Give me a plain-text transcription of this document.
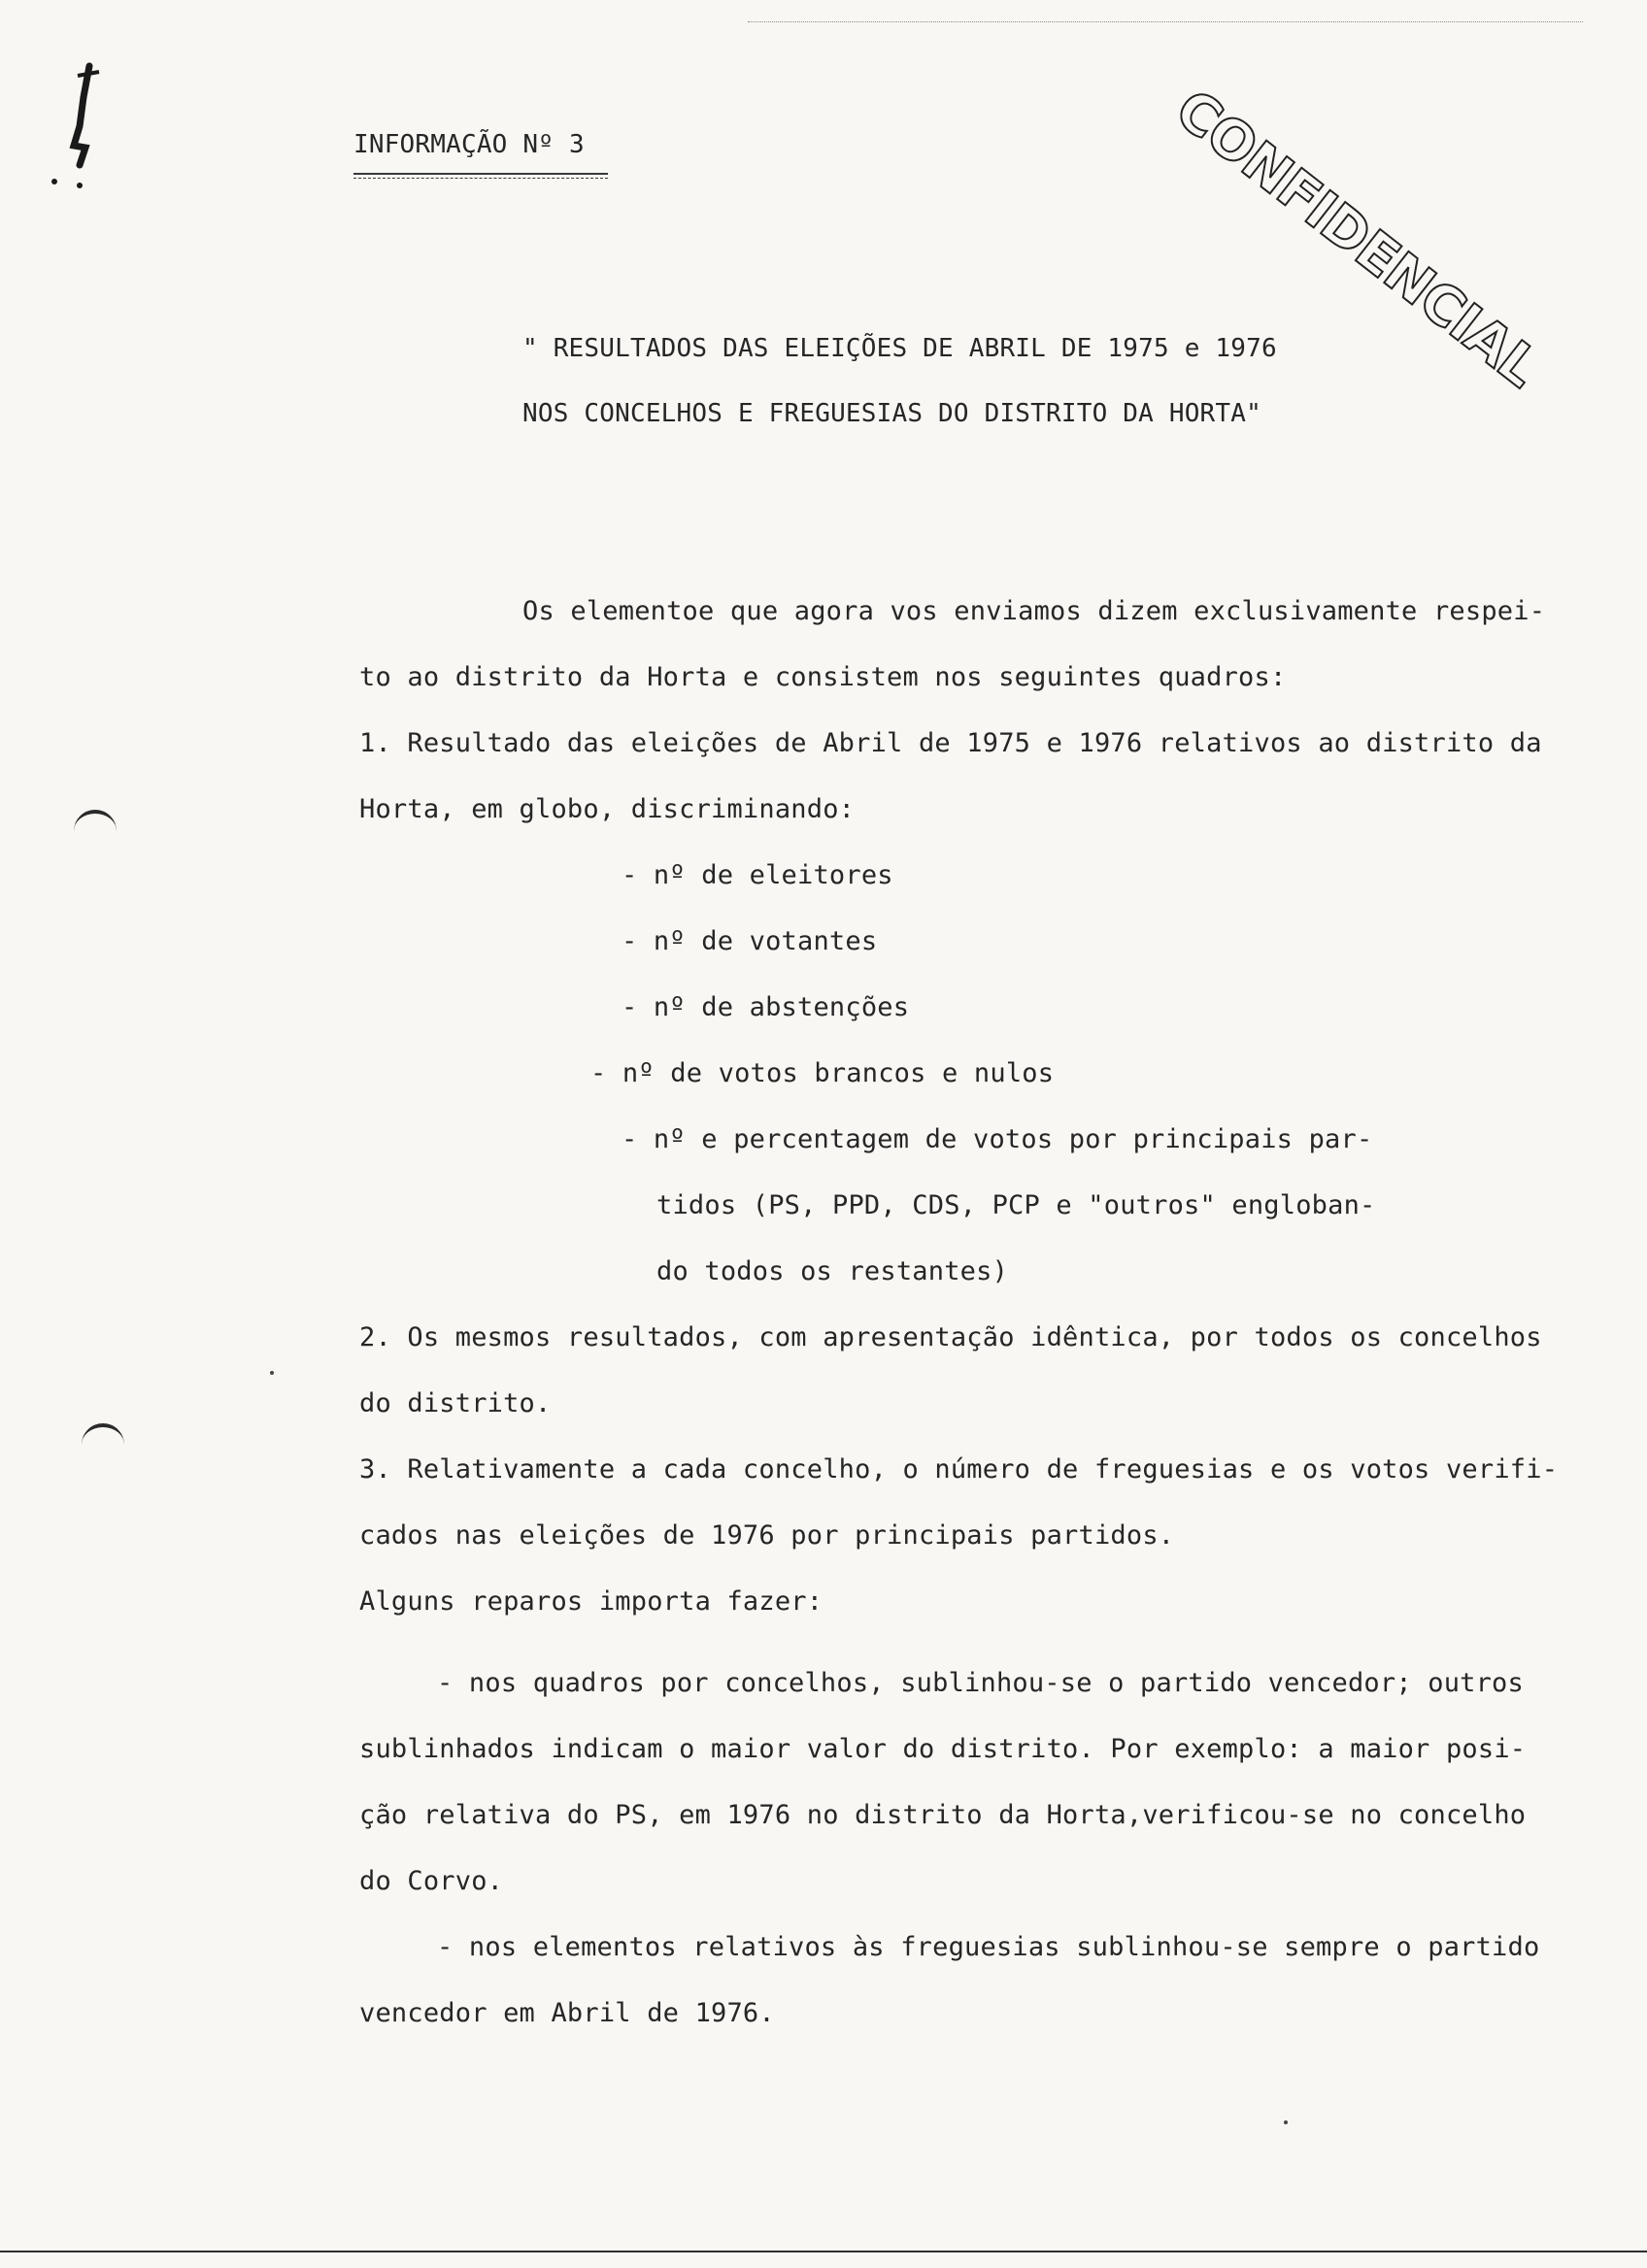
INFORMAÇÃO Nº 3	CONFIDENCIAL
" RESULTADOS DAS ELEIÇÕES DE ABRIL DE 1975 e 1976
NOS CONCELHOS E FREGUESIAS DO DISTRITO DA HORTA"
Os elementoe que agora vos enviamos dizem exclusivamente respei-
to ao distrito da Horta e consistem nos seguintes quadros:
1. Resultado das eleições de Abril de 1975 e 1976 relativos ao distrito da
Horta, em globo, discriminando:
- nº de eleitores
- nº de votantes
- nº de abstenções
- nº de votos brancos e nulos
- nº e percentagem de votos por principais par-
tidos (PS, PPD, CDS, PCP e "outros" engloban-
do todos os restantes)
2. Os mesmos resultados, com apresentação idêntica, por todos os concelhos
do distrito.
3. Relativamente a cada concelho, o número de freguesias e os votos verifi-
cados nas eleições de 1976 por principais partidos.
Alguns reparos importa fazer:
- nos quadros por concelhos, sublinhou-se o partido vencedor; outros
sublinhados indicam o maior valor do distrito. Por exemplo: a maior posi-
ção relativa do PS, em 1976 no distrito da Horta,verificou-se no concelho
do Corvo.
- nos elementos relativos às freguesias sublinhou-se sempre o partido
vencedor em Abril de 1976.
